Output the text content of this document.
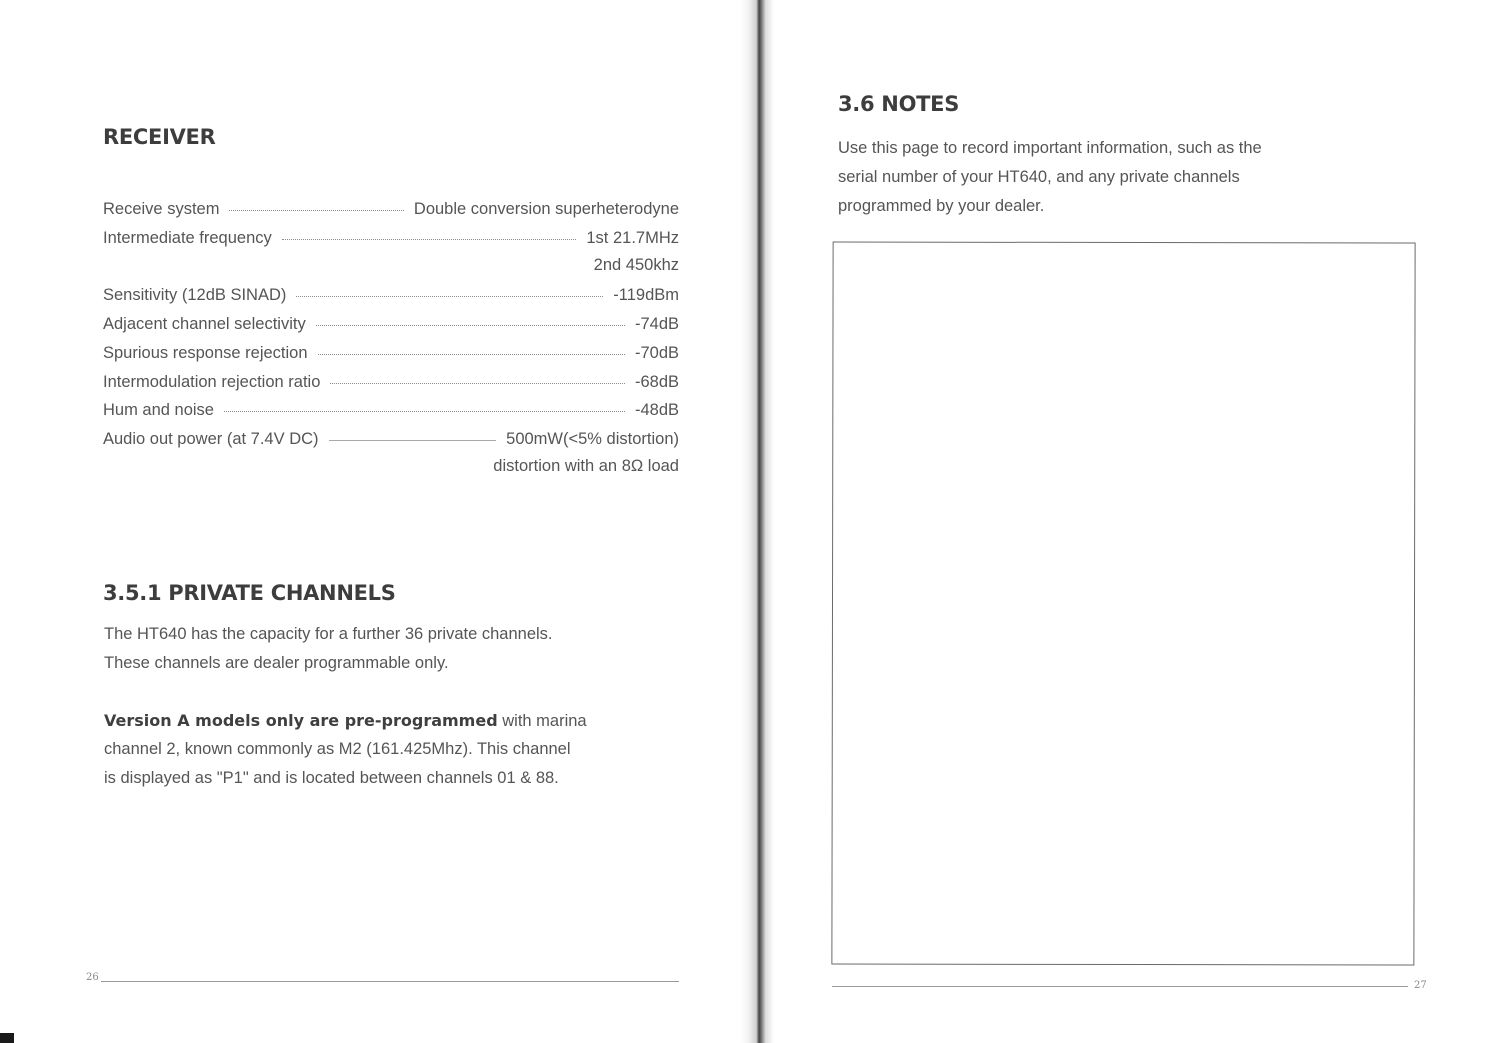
RECEIVER
Receive system	Double conversion superheterodyne
Intermediate frequency	1st 21.7MHz
2nd 450khz
Sensitivity (12dB SINAD)	-119dBm
Adjacent channel selectivity	-74dB
Spurious response rejection	-70dB
Intermodulation rejection ratio	-68dB
Hum and noise	-48dB
Audio out power (at 7.4V DC)	500mW(<5% distortion)
distortion with an 8Ω load
3.5.1 PRIVATE CHANNELS
The HT640 has the capacity for a further 36 private channels.
These channels are dealer programmable only.
Version A models only are pre-programmed with marina
channel 2, known commonly as M2 (161.425Mhz). This channel
is displayed as "P1" and is located between channels 01 & 88.
26
3.6 NOTES
Use this page to record important information, such as the
serial number of your HT640, and any private channels
programmed by your dealer.
27
